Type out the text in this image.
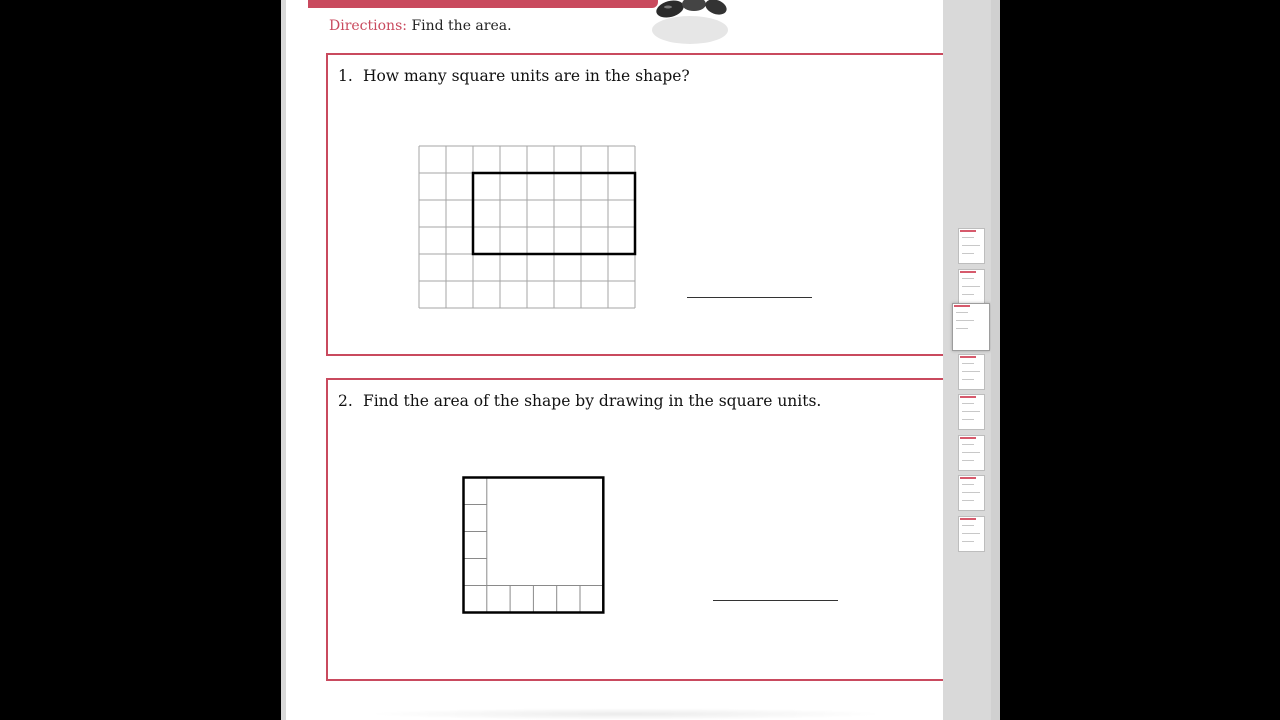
Directions: Find the area.
1. How many square units are in the shape?
2. Find the area of the shape by drawing in the square units.
